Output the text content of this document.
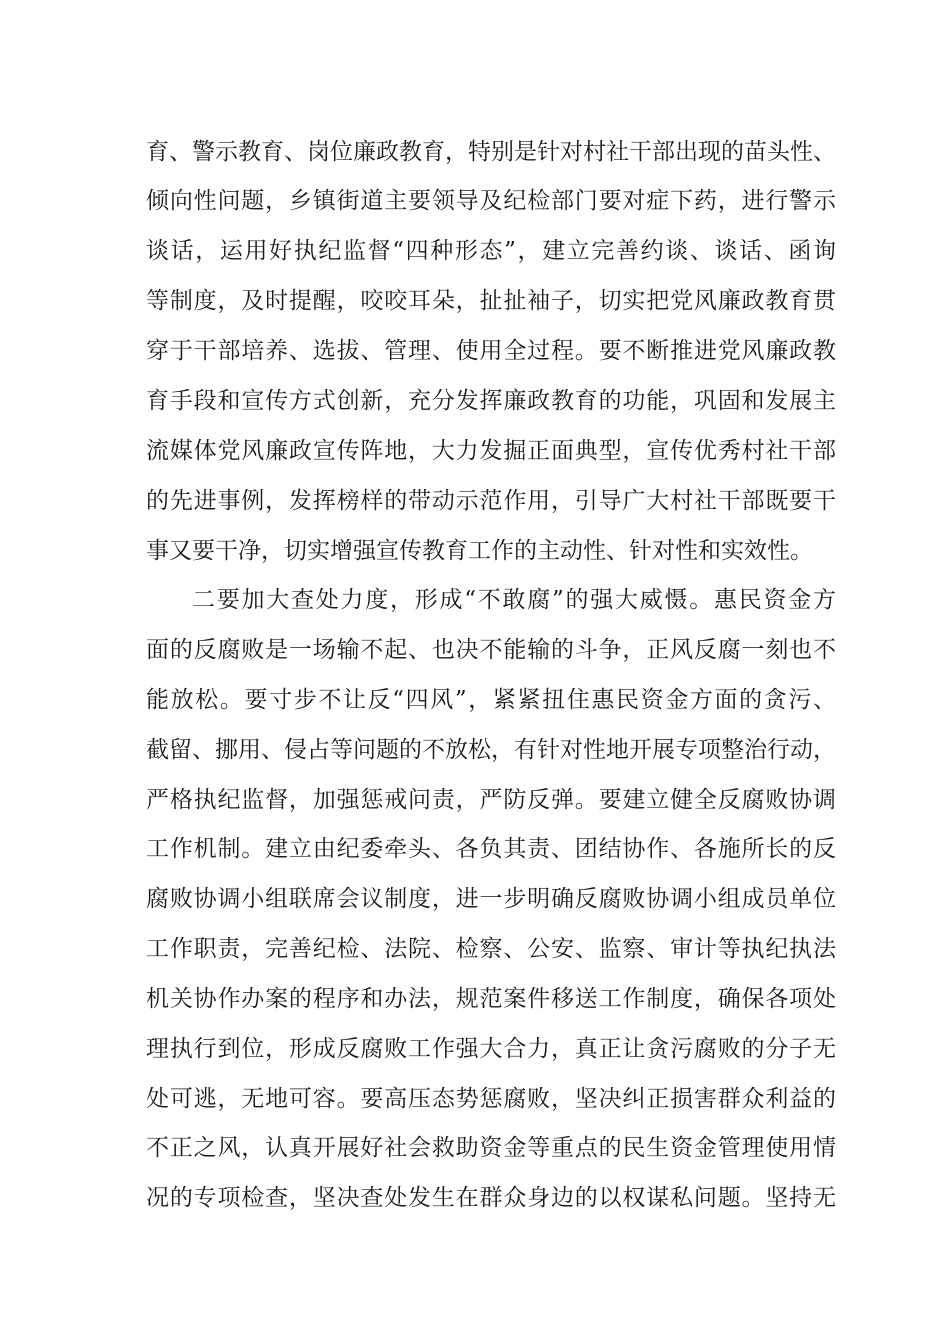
育、警示教育、岗位廉政教育，特别是针对村社干部出现的苗头性、
倾向性问题，乡镇街道主要领导及纪检部门要对症下药，进行警示
谈话，运用好执纪监督“四种形态”，建立完善约谈、谈话、函询
等制度，及时提醒，咬咬耳朵，扯扯袖子，切实把党风廉政教育贯
穿于干部培养、选拔、管理、使用全过程。要不断推进党风廉政教
育手段和宣传方式创新，充分发挥廉政教育的功能，巩固和发展主
流媒体党风廉政宣传阵地，大力发掘正面典型，宣传优秀村社干部
的先进事例，发挥榜样的带动示范作用，引导广大村社干部既要干
事又要干净，切实增强宣传教育工作的主动性、针对性和实效性。
二要加大查处力度，形成“不敢腐”的强大威慑。惠民资金方
面的反腐败是一场输不起、也决不能输的斗争，正风反腐一刻也不
能放松。要寸步不让反“四风”，紧紧扭住惠民资金方面的贪污、
截留、挪用、侵占等问题的不放松，有针对性地开展专项整治行动，
严格执纪监督，加强惩戒问责，严防反弹。要建立健全反腐败协调
工作机制。建立由纪委牵头、各负其责、团结协作、各施所长的反
腐败协调小组联席会议制度，进一步明确反腐败协调小组成员单位
工作职责，完善纪检、法院、检察、公安、监察、审计等执纪执法
机关协作办案的程序和办法，规范案件移送工作制度，确保各项处
理执行到位，形成反腐败工作强大合力，真正让贪污腐败的分子无
处可逃，无地可容。要高压态势惩腐败，坚决纠正损害群众利益的
不正之风，认真开展好社会救助资金等重点的民生资金管理使用情
况的专项检查，坚决查处发生在群众身边的以权谋私问题。坚持无
